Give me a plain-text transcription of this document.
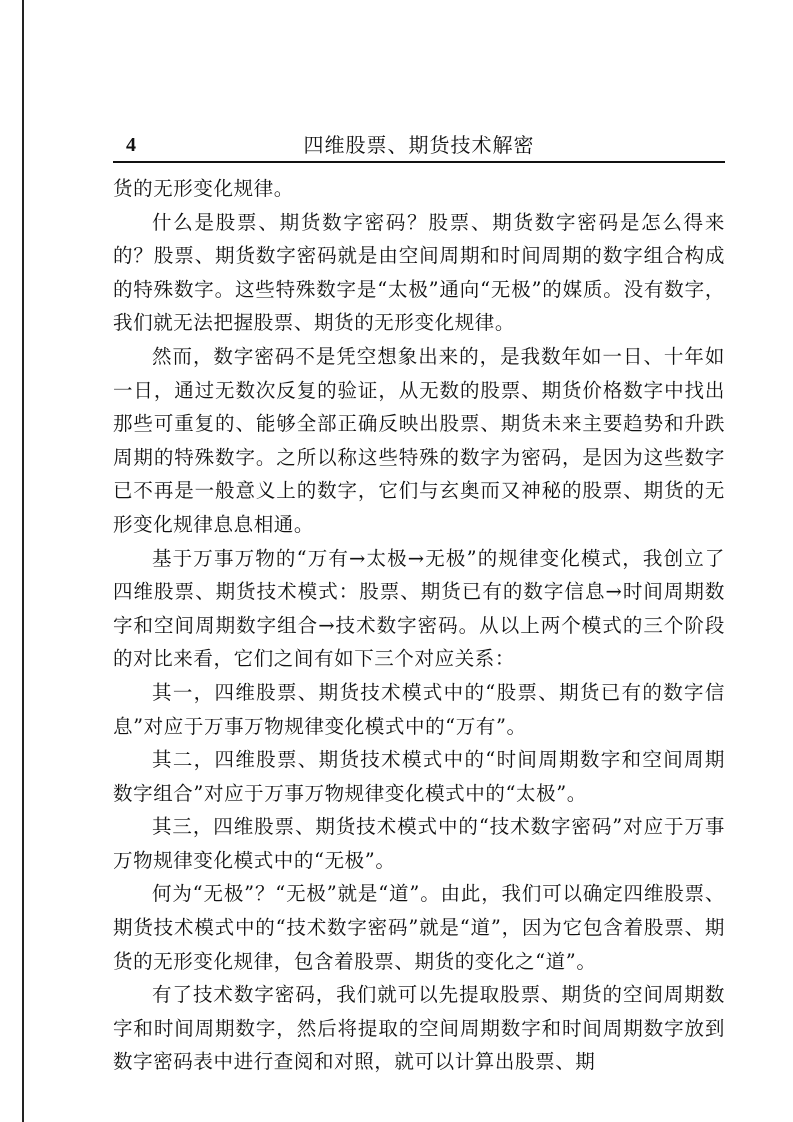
4	四维股票、期货技术解密

货的无形变化规律。

什么是股票、期货数字密码？股票、期货数字密码是怎么得来的？股票、期货数字密码就是由空间周期和时间周期的数字组合构成的特殊数字。这些特殊数字是“太极”通向“无极”的媒质。没有数字，我们就无法把握股票、期货的无形变化规律。

然而，数字密码不是凭空想象出来的，是我数年如一日、十年如一日，通过无数次反复的验证，从无数的股票、期货价格数字中找出那些可重复的、能够全部正确反映出股票、期货未来主要趋势和升跌周期的特殊数字。之所以称这些特殊的数字为密码，是因为这些数字已不再是一般意义上的数字，它们与玄奥而又神秘的股票、期货的无形变化规律息息相通。

基于万事万物的“万有→太极→无极”的规律变化模式，我创立了四维股票、期货技术模式：股票、期货已有的数字信息→时间周期数字和空间周期数字组合→技术数字密码。从以上两个模式的三个阶段的对比来看，它们之间有如下三个对应关系：

其一，四维股票、期货技术模式中的“股票、期货已有的数字信息”对应于万事万物规律变化模式中的“万有”。

其二，四维股票、期货技术模式中的“时间周期数字和空间周期数字组合”对应于万事万物规律变化模式中的“太极”。

其三，四维股票、期货技术模式中的“技术数字密码”对应于万事万物规律变化模式中的“无极”。

何为“无极”？“无极”就是“道”。由此，我们可以确定四维股票、期货技术模式中的“技术数字密码”就是“道”，因为它包含着股票、期货的无形变化规律，包含着股票、期货的变化之“道”。

有了技术数字密码，我们就可以先提取股票、期货的空间周期数字和时间周期数字，然后将提取的空间周期数字和时间周期数字放到数字密码表中进行查阅和对照，就可以计算出股票、期
